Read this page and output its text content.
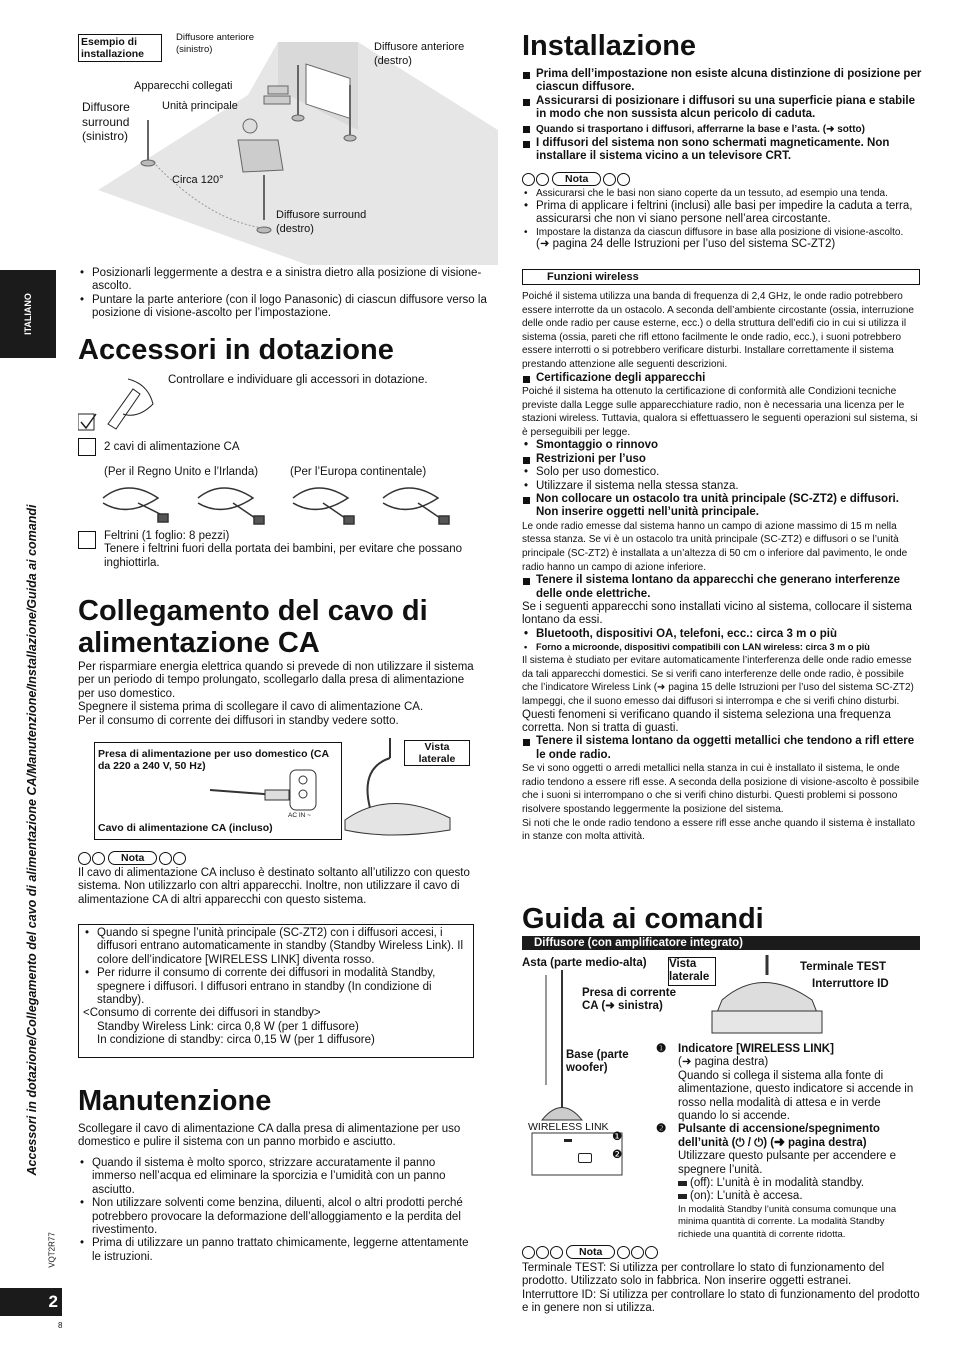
ITALIANO
Accessori in dotazione/Collegamento del cavo di alimentazione CA/Manutenzione/Installazione/Guida ai comandi
VQT2R77
2
8
Esempio di installazione
Diffusore anteriore (sinistro)	Diffusore anteriore (destro)
Apparecchi collegati
Unità principale
Diffusore surround (sinistro)
Circa 120°
Diffusore surround (destro)
• Posizionarli leggermente a destra e a sinistra dietro alla posizione di visione-ascolto.
• Puntare la parte anteriore (con il logo Panasonic) di ciascun diffusore verso la posizione di visione-ascolto per l’impostazione.
Accessori in dotazione
Controllare e individuare gli accessori in dotazione.
2 cavi di alimentazione CA
(Per il Regno Unito e l’Irlanda)	(Per l’Europa continentale)
Feltrini (1 foglio: 8 pezzi)
Tenere i feltrini fuori della portata dei bambini, per evitare che possano inghiottirla.
Collegamento del cavo di alimentazione CA
Per risparmiare energia elettrica quando si prevede di non utilizzare il sistema per un periodo di tempo prolungato, scollegarlo dalla presa di alimentazione per uso domestico.
Spegnere il sistema prima di scollegare il cavo di alimentazione CA.
Per il consumo di corrente dei diffusori in standby vedere sotto.
Presa di alimentazione per uso domestico (CA da 220 a 240 V, 50 Hz)
Cavo di alimentazione CA (incluso)
AC IN ~
Vista laterale
Nota
Il cavo di alimentazione CA incluso è destinato soltanto all’utilizzo con questo sistema. Non utilizzarlo con altri apparecchi. Inoltre, non utilizzare il cavo di alimentazione CA di altri apparecchi con questo sistema.
• Quando si spegne l’unità principale (SC-ZT2) con i diffusori accesi, i diffusori entrano automaticamente in standby (Standby Wireless Link). Il colore dell’indicatore [WIRELESS LINK] diventa rosso.
• Per ridurre il consumo di corrente dei diffusori in modalità Standby, spegnere i diffusori. I diffusori entrano in standby (In condizione di standby).
<Consumo di corrente dei diffusori in standby>
Standby Wireless Link: circa 0,8 W (per 1 diffusore)
In condizione di standby: circa 0,15 W (per 1 diffusore)
Manutenzione
Scollegare il cavo di alimentazione CA dalla presa di alimentazione per uso domestico e pulire il sistema con un panno morbido e asciutto.
• Quando il sistema è molto sporco, strizzare accuratamente il panno immerso nell’acqua ed eliminare la sporcizia e l’umidità con un panno asciutto.
• Non utilizzare solventi come benzina, diluenti, alcol o altri prodotti perché potrebbero provocare la deformazione dell’alloggiamento e la perdita del rivestimento.
• Prima di utilizzare un panno trattato chimicamente, leggerne attentamente le istruzioni.
Installazione
Prima dell’impostazione non esiste alcuna distinzione di posizione per ciascun diffusore.
Assicurarsi di posizionare i diffusori su una superficie piana e stabile in modo che non sussista alcun pericolo di caduta.
Quando si trasportano i diffusori, afferrarne la base e l’asta. (➜ sotto)
I diffusori del sistema non sono schermati magneticamente. Non installare il sistema vicino a un televisore CRT.
Nota
• Assicurarsi che le basi non siano coperte da un tessuto, ad esempio una tenda.
• Prima di applicare i feltrini (inclusi) alle basi per impedire la caduta a terra, assicurarsi che non vi siano persone nell’area circostante.
• Impostare la distanza da ciascun diffusore in base alla posizione di visione-ascolto.
(➜ pagina 24 delle Istruzioni per l’uso del sistema SC-ZT2)
Funzioni wireless
Poiché il sistema utilizza una banda di frequenza di 2,4 GHz, le onde radio potrebbero essere interrotte da un ostacolo. A seconda dell’ambiente circostante (ossia, interruzione delle onde radio per cause esterne, ecc.) o della struttura dell’edifi cio in cui si utilizza il sistema (ossia, pareti che rifl ettono facilmente le onde radio, ecc.), i suoni potrebbero essere interrotti o si potrebbero verificare disturbi. Installare correttamente il sistema prestando attenzione alle seguenti descrizioni.
Certificazione degli apparecchi
Poiché il sistema ha ottenuto la certificazione di conformità alle Condizioni tecniche previste dalla Legge sulle apparecchiature radio, non è necessaria una licenza per le stazioni wireless. Tuttavia, qualora si effettuassero le seguenti operazioni sul sistema, si è perseguibili per legge.
• Smontaggio o rinnovo
Restrizioni per l’uso
• Solo per uso domestico.
• Utilizzare il sistema nella stessa stanza.
Non collocare un ostacolo tra unità principale (SC-ZT2) e diffusori. Non inserire oggetti nell’unità principale.
Le onde radio emesse dal sistema hanno un campo di azione massimo di 15 m nella stessa stanza. Se vi è un ostacolo tra unità principale (SC-ZT2) e diffusori o se l’unità principale (SC-ZT2) è installata a un’altezza di 50 cm o inferiore dal pavimento, le onde radio hanno un campo di azione inferiore.
Tenere il sistema lontano da apparecchi che generano interferenze delle onde elettriche.
Se i seguenti apparecchi sono installati vicino al sistema, collocare il sistema lontano da essi.
• Bluetooth, dispositivi OA, telefoni, ecc.: circa 3 m o più
• Forno a microonde, dispositivi compatibili con LAN wireless: circa 3 m o più
Il sistema è studiato per evitare automaticamente l’interferenza delle onde radio emesse da tali apparecchi domestici. Se si verifi cano interferenze delle onde radio, è possibile che l’indicatore Wireless Link (➜ pagina 15 delle Istruzioni per l’uso del sistema SC-ZT2) lampeggi, che il suono emesso dai diffusori si interrompa e che si verifi chino disturbi.
Questi fenomeni si verificano quando il sistema seleziona una frequenza corretta. Non si tratta di guasti.
Tenere il sistema lontano da oggetti metallici che tendono a rifl ettere le onde radio.
Se vi sono oggetti o arredi metallici nella stanza in cui è installato il sistema, le onde radio tendono a essere rifl esse. A seconda della posizione di visione-ascolto è possibile che i suoni si interrompano o che si verifi chino disturbi. Questi problemi si possono risolvere spostando leggermente la posizione del sistema.
Si noti che le onde radio tendono a essere rifl esse anche quando il sistema è installato in stanze con molta attività.
Guida ai comandi
Diffusore (con amplificatore integrato)
Asta (parte medio-alta) Vista laterale
Terminale TEST
Interruttore ID
Presa di corrente CA (➜ sinistra)
Base (parte woofer)
WIRELESS LINK
❶
❷
❶ Indicatore [WIRELESS LINK]
(➜ pagina destra)
Quando si collega il sistema alla fonte di alimentazione, questo indicatore si accende in rosso nella modalità di attesa e in verde quando lo si accende.
❷	Pulsante di accensione/spegnimento dell’unità (⏻ / ⏻) (➜ pagina destra)
Utilizzare questo pulsante per accendere e spegnere l’unità.
(off): L’unità è in modalità standby.
(on): L’unità è accesa.
In modalità Standby l’unità consuma comunque una minima quantità di corrente. La modalità Standby richiede una quantità di corrente ridotta.
Nota
Terminale TEST: Si utilizza per controllare lo stato di funzionamento del prodotto. Utilizzato solo in fabbrica. Non inserire oggetti estranei.
Interruttore ID: Si utilizza per controllare lo stato di funzionamento del prodotto e in genere non si utilizza.
